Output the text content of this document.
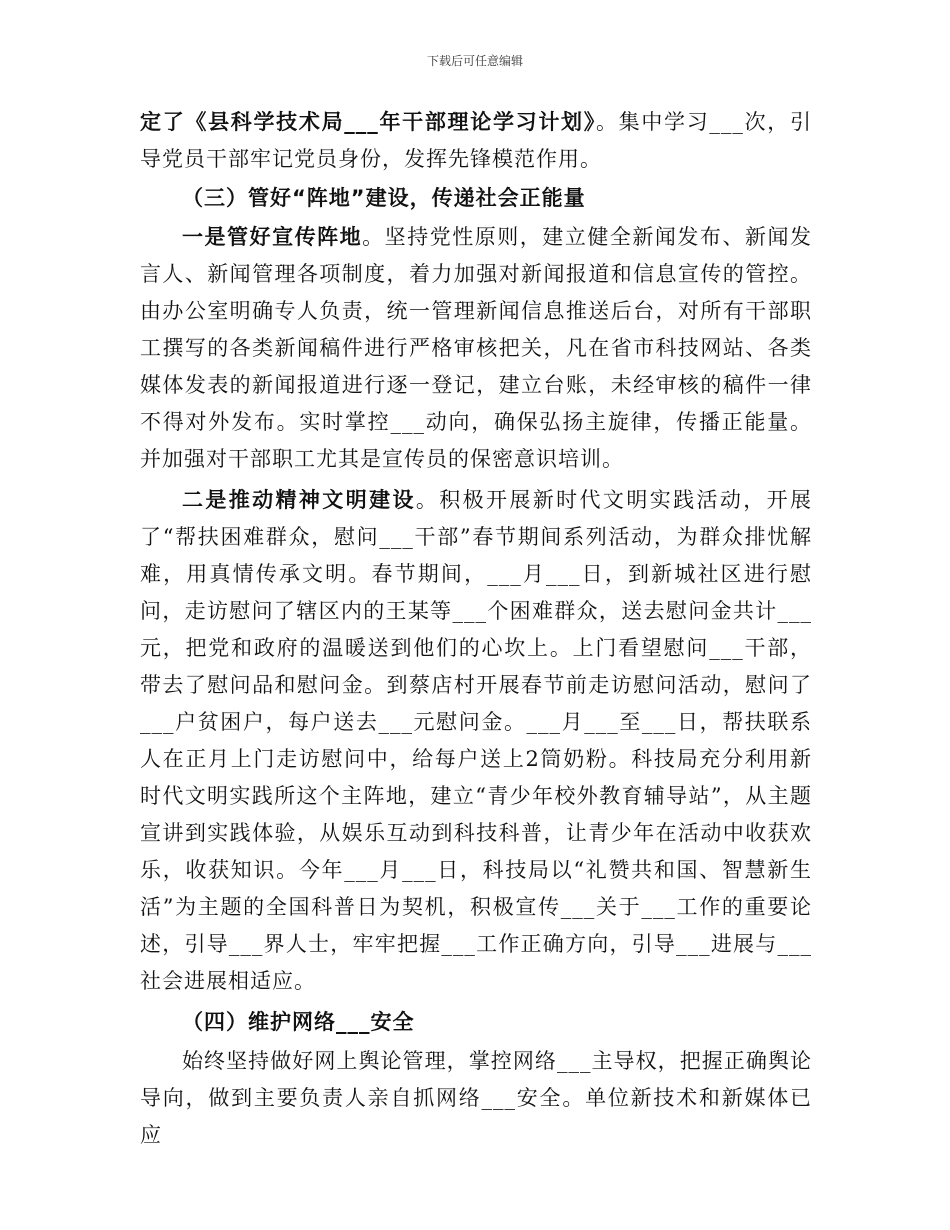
下载后可任意编辑

定了《县科学技术局___年干部理论学习计划》。集中学习___次，引导党员干部牢记党员身份，发挥先锋模范作用。

（三）管好“阵地”建设，传递社会正能量

一是管好宣传阵地。坚持党性原则，建立健全新闻发布、新闻发言人、新闻管理各项制度，着力加强对新闻报道和信息宣传的管控。由办公室明确专人负责，统一管理新闻信息推送后台，对所有干部职工撰写的各类新闻稿件进行严格审核把关，凡在省市科技网站、各类媒体发表的新闻报道进行逐一登记，建立台账，未经审核的稿件一律不得对外发布。实时掌控___动向，确保弘扬主旋律，传播正能量。并加强对干部职工尤其是宣传员的保密意识培训。

二是推动精神文明建设。积极开展新时代文明实践活动，开展了“帮扶困难群众，慰问___干部”春节期间系列活动，为群众排忧解难，用真情传承文明。春节期间，___月___日，到新城社区进行慰问，走访慰问了辖区内的王某等___个困难群众，送去慰问金共计___元，把党和政府的温暖送到他们的心坎上。上门看望慰问___干部，带去了慰问品和慰问金。到蔡店村开展春节前走访慰问活动，慰问了___户贫困户，每户送去___元慰问金。___月___至___日，帮扶联系人在正月上门走访慰问中，给每户送上2筒奶粉。科技局充分利用新时代文明实践所这个主阵地，建立“青少年校外教育辅导站”，从主题宣讲到实践体验，从娱乐互动到科技科普，让青少年在活动中收获欢乐，收获知识。今年___月___日，科技局以“礼赞共和国、智慧新生活”为主题的全国科普日为契机，积极宣传___关于___工作的重要论述，引导___界人士，牢牢把握___工作正确方向，引导___进展与___社会进展相适应。

（四）维护网络___安全

始终坚持做好网上舆论管理，掌控网络___主导权，把握正确舆论导向，做到主要负责人亲自抓网络___安全。单位新技术和新媒体已应
